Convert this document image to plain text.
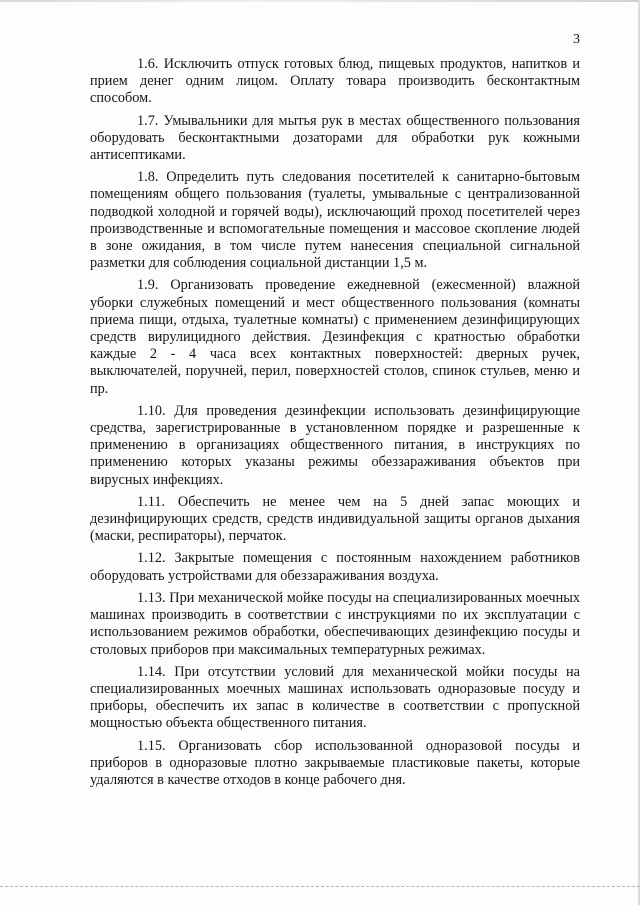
3

1.6. Исключить отпуск готовых блюд, пищевых продуктов, напитков и прием денег одним лицом. Оплату товара производить бесконтактным способом.

1.7. Умывальники для мытья рук в местах общественного пользования оборудовать бесконтактными дозаторами для обработки рук кожными антисептиками.

1.8. Определить путь следования посетителей к санитарно-бытовым помещениям общего пользования (туалеты, умывальные с централизованной подводкой холодной и горячей воды), исключающий проход посетителей через производственные и вспомогательные помещения и массовое скопление людей в зоне ожидания, в том числе путем нанесения специальной сигнальной разметки для соблюдения социальной дистанции 1,5 м.

1.9. Организовать проведение ежедневной (ежесменной) влажной уборки служебных помещений и мест общественного пользования (комнаты приема пищи, отдыха, туалетные комнаты) с применением дезинфицирующих средств вирулицидного действия. Дезинфекция с кратностью обработки каждые 2 - 4 часа всех контактных поверхностей: дверных ручек, выключателей, поручней, перил, поверхностей столов, спинок стульев, меню и пр.

1.10. Для проведения дезинфекции использовать дезинфицирующие средства, зарегистрированные в установленном порядке и разрешенные к применению в организациях общественного питания, в инструкциях по применению которых указаны режимы обеззараживания объектов при вирусных инфекциях.

1.11. Обеспечить не менее чем на 5 дней запас моющих и дезинфицирующих средств, средств индивидуальной защиты органов дыхания (маски, респираторы), перчаток.

1.12. Закрытые помещения с постоянным нахождением работников оборудовать устройствами для обеззараживания воздуха.

1.13. При механической мойке посуды на специализированных моечных машинах производить в соответствии с инструкциями по их эксплуатации с использованием режимов обработки, обеспечивающих дезинфекцию посуды и столовых приборов при максимальных температурных режимах.

1.14. При отсутствии условий для механической мойки посуды на специализированных моечных машинах использовать одноразовые посуду и приборы, обеспечить их запас в количестве в соответствии с пропускной мощностью объекта общественного питания.

1.15. Организовать сбор использованной одноразовой посуды и приборов в одноразовые плотно закрываемые пластиковые пакеты, которые удаляются в качестве отходов в конце рабочего дня.
